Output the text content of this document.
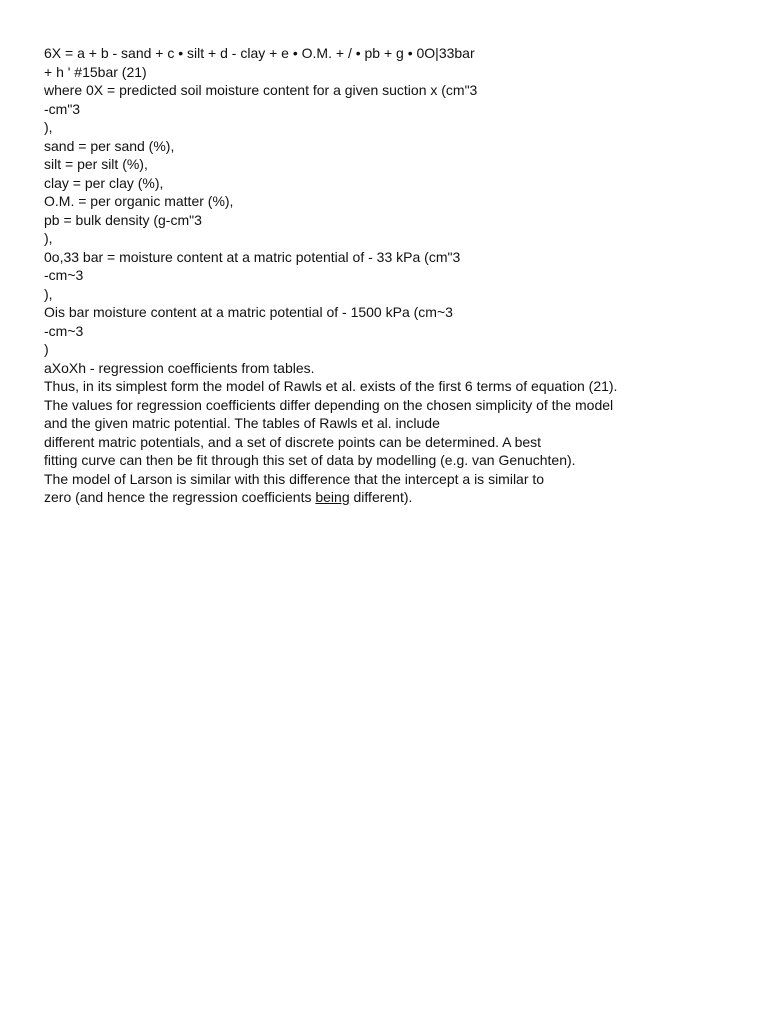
6X = a + b - sand + c • silt + d - clay + e • O.M. + / • pb + g • 0O|33bar
+ h ' #15bar (21)
where 0X = predicted soil moisture content for a given suction x (cm"3
-cm"3
),
sand = per sand (%),
silt = per silt (%),
clay = per clay (%),
O.M. = per organic matter (%),
pb = bulk density (g-cm"3
),
0o,33 bar = moisture content at a matric potential of - 33 kPa (cm"3
-cm~3
),
Ois bar moisture content at a matric potential of - 1500 kPa (cm~3
-cm~3
)
aXoXh - regression coefficients from tables.
Thus, in its simplest form the model of Rawls et al. exists of the first 6 terms of equation (21).
The values for regression coefficients differ depending on the chosen simplicity of the model
and the given matric potential. The tables of Rawls et al. include
different matric potentials, and a set of discrete points can be determined. A best
fitting curve can then be fit through this set of data by modelling (e.g. van Genuchten).
The model of Larson is similar with this difference that the intercept a is similar to
zero (and hence the regression coefficients being different).
